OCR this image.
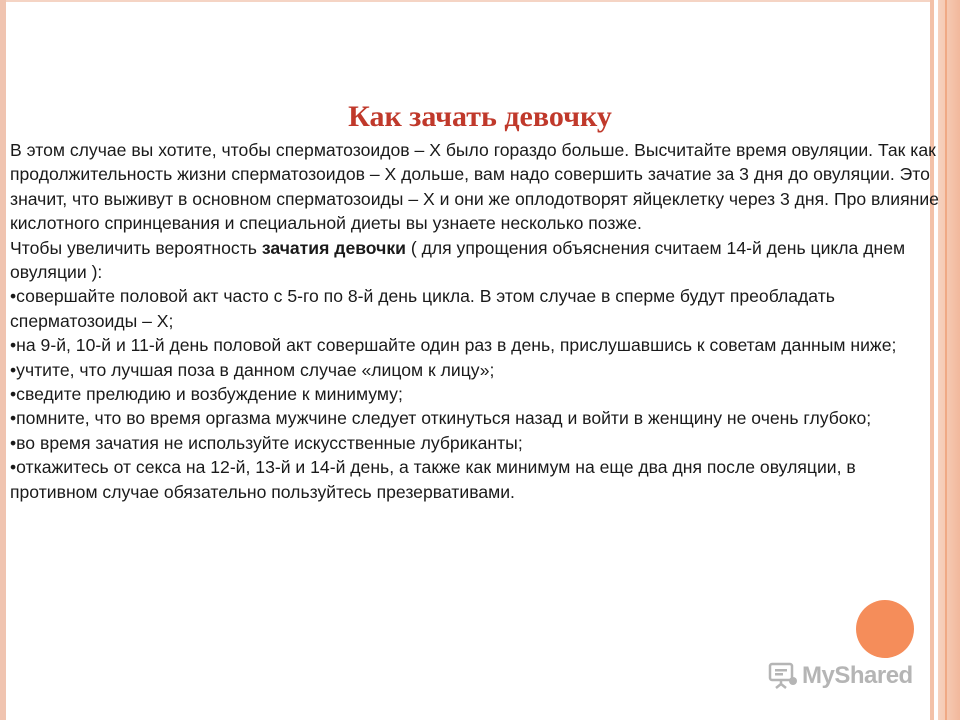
Как зачать девочку

В этом случае вы хотите, чтобы сперматозоидов – X было гораздо больше. Высчитайте время овуляции. Так как продолжительность жизни сперматозоидов – X дольше, вам надо совершить зачатие за 3 дня до овуляции. Это значит, что выживут в основном сперматозоиды – X и они же оплодотворят яйцеклетку через 3 дня. Про влияние кислотного спринцевания и специальной диеты вы узнаете несколько позже.

Чтобы увеличить вероятность зачатия девочки ( для упрощения объяснения считаем 14-й день цикла днем овуляции ):

•совершайте половой акт часто с 5-го по 8-й день цикла. В этом случае в сперме будут преобладать сперматозоиды – X;

•на 9-й, 10-й и 11-й день половой акт совершайте один раз в день, прислушавшись к советам данным ниже;

•учтите, что лучшая поза в данном случае «лицом к лицу»;

•сведите прелюдию и возбуждение к минимуму;

•помните, что во время оргазма мужчине следует откинуться назад и войти в женщину не очень глубоко;

•во время зачатия не используйте искусственные лубриканты;

•откажитесь от секса на 12-й, 13-й и 14-й день, а также как минимум на еще два дня после овуляции, в противном случае обязательно пользуйтесь презервативами.

MyShared
